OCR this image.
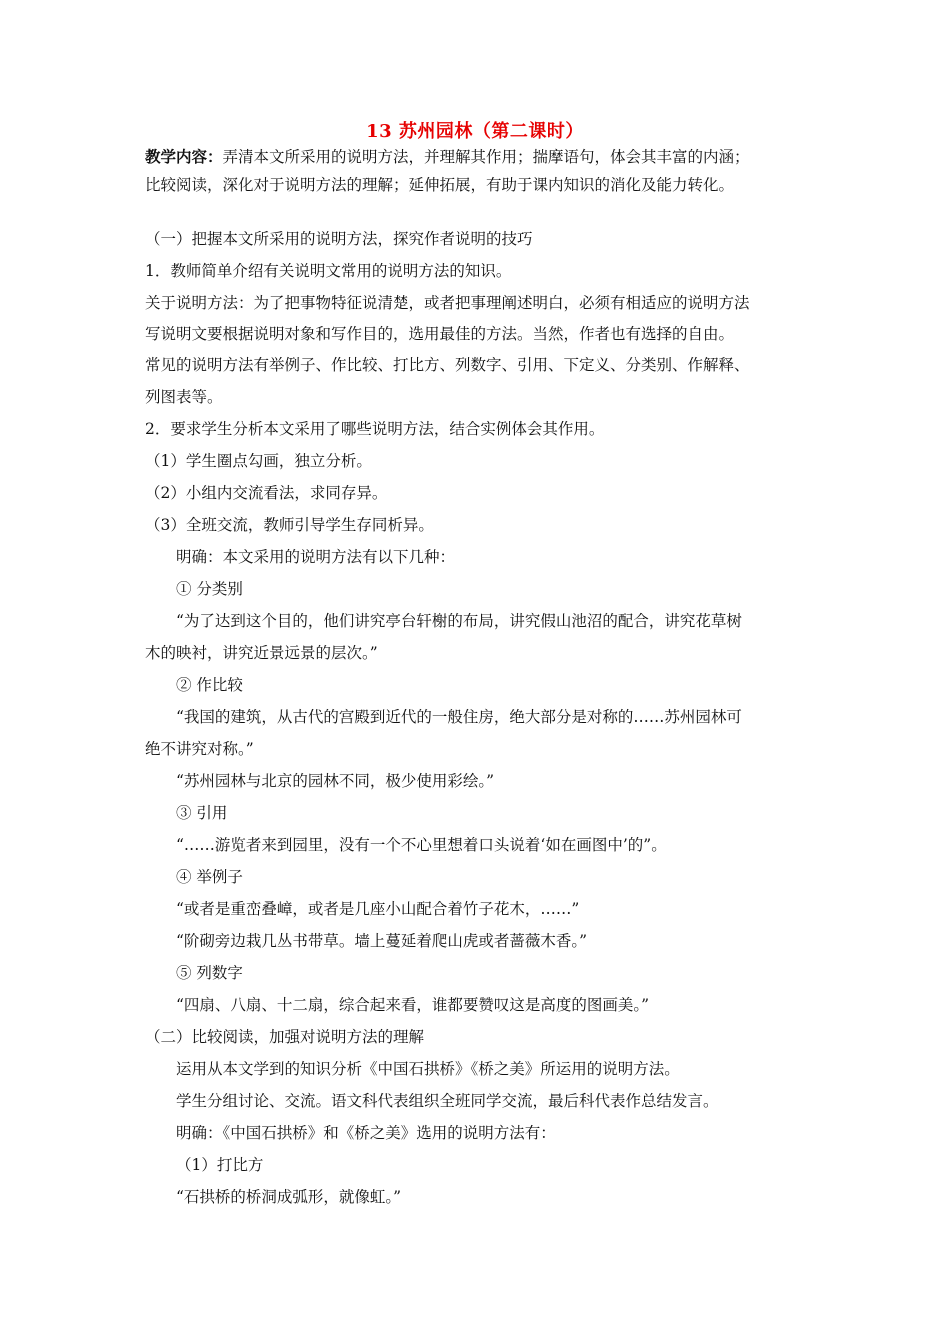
13 苏州园林（第二课时）
教学内容：弄清本文所采用的说明方法，并理解其作用；揣摩语句，体会其丰富的内涵；
比较阅读，深化对于说明方法的理解；延伸拓展，有助于课内知识的消化及能力转化。
（一）把握本文所采用的说明方法，探究作者说明的技巧
1．教师简单介绍有关说明文常用的说明方法的知识。
关于说明方法：为了把事物特征说清楚，或者把事理阐述明白，必须有相适应的说明方法
写说明文要根据说明对象和写作目的，选用最佳的方法。当然，作者也有选择的自由。
常见的说明方法有举例子、作比较、打比方、列数字、引用、下定义、分类别、作解释、
列图表等。
2．要求学生分析本文采用了哪些说明方法，结合实例体会其作用。
（1）学生圈点勾画，独立分析。
（2）小组内交流看法，求同存异。
（3）全班交流，教师引导学生存同析异。
明确：本文采用的说明方法有以下几种：
① 分类别
“为了达到这个目的，他们讲究亭台轩榭的布局，讲究假山池沼的配合，讲究花草树
木的映衬，讲究近景远景的层次。”
② 作比较
“我国的建筑，从古代的宫殿到近代的一般住房，绝大部分是对称的……苏州园林可
绝不讲究对称。”
“苏州园林与北京的园林不同，极少使用彩绘。”
③ 引用
“……游览者来到园里，没有一个不心里想着口头说着‘如在画图中’的”。
④ 举例子
“或者是重峦叠嶂，或者是几座小山配合着竹子花木，……”
“阶砌旁边栽几丛书带草。墙上蔓延着爬山虎或者蔷薇木香。”
⑤ 列数字
“四扇、八扇、十二扇，综合起来看，谁都要赞叹这是高度的图画美。”
（二）比较阅读，加强对说明方法的理解
运用从本文学到的知识分析《中国石拱桥》《桥之美》所运用的说明方法。
学生分组讨论、交流。语文科代表组织全班同学交流，最后科代表作总结发言。
明确：《中国石拱桥》和《桥之美》选用的说明方法有：
（1）打比方
“石拱桥的桥洞成弧形，就像虹。”
